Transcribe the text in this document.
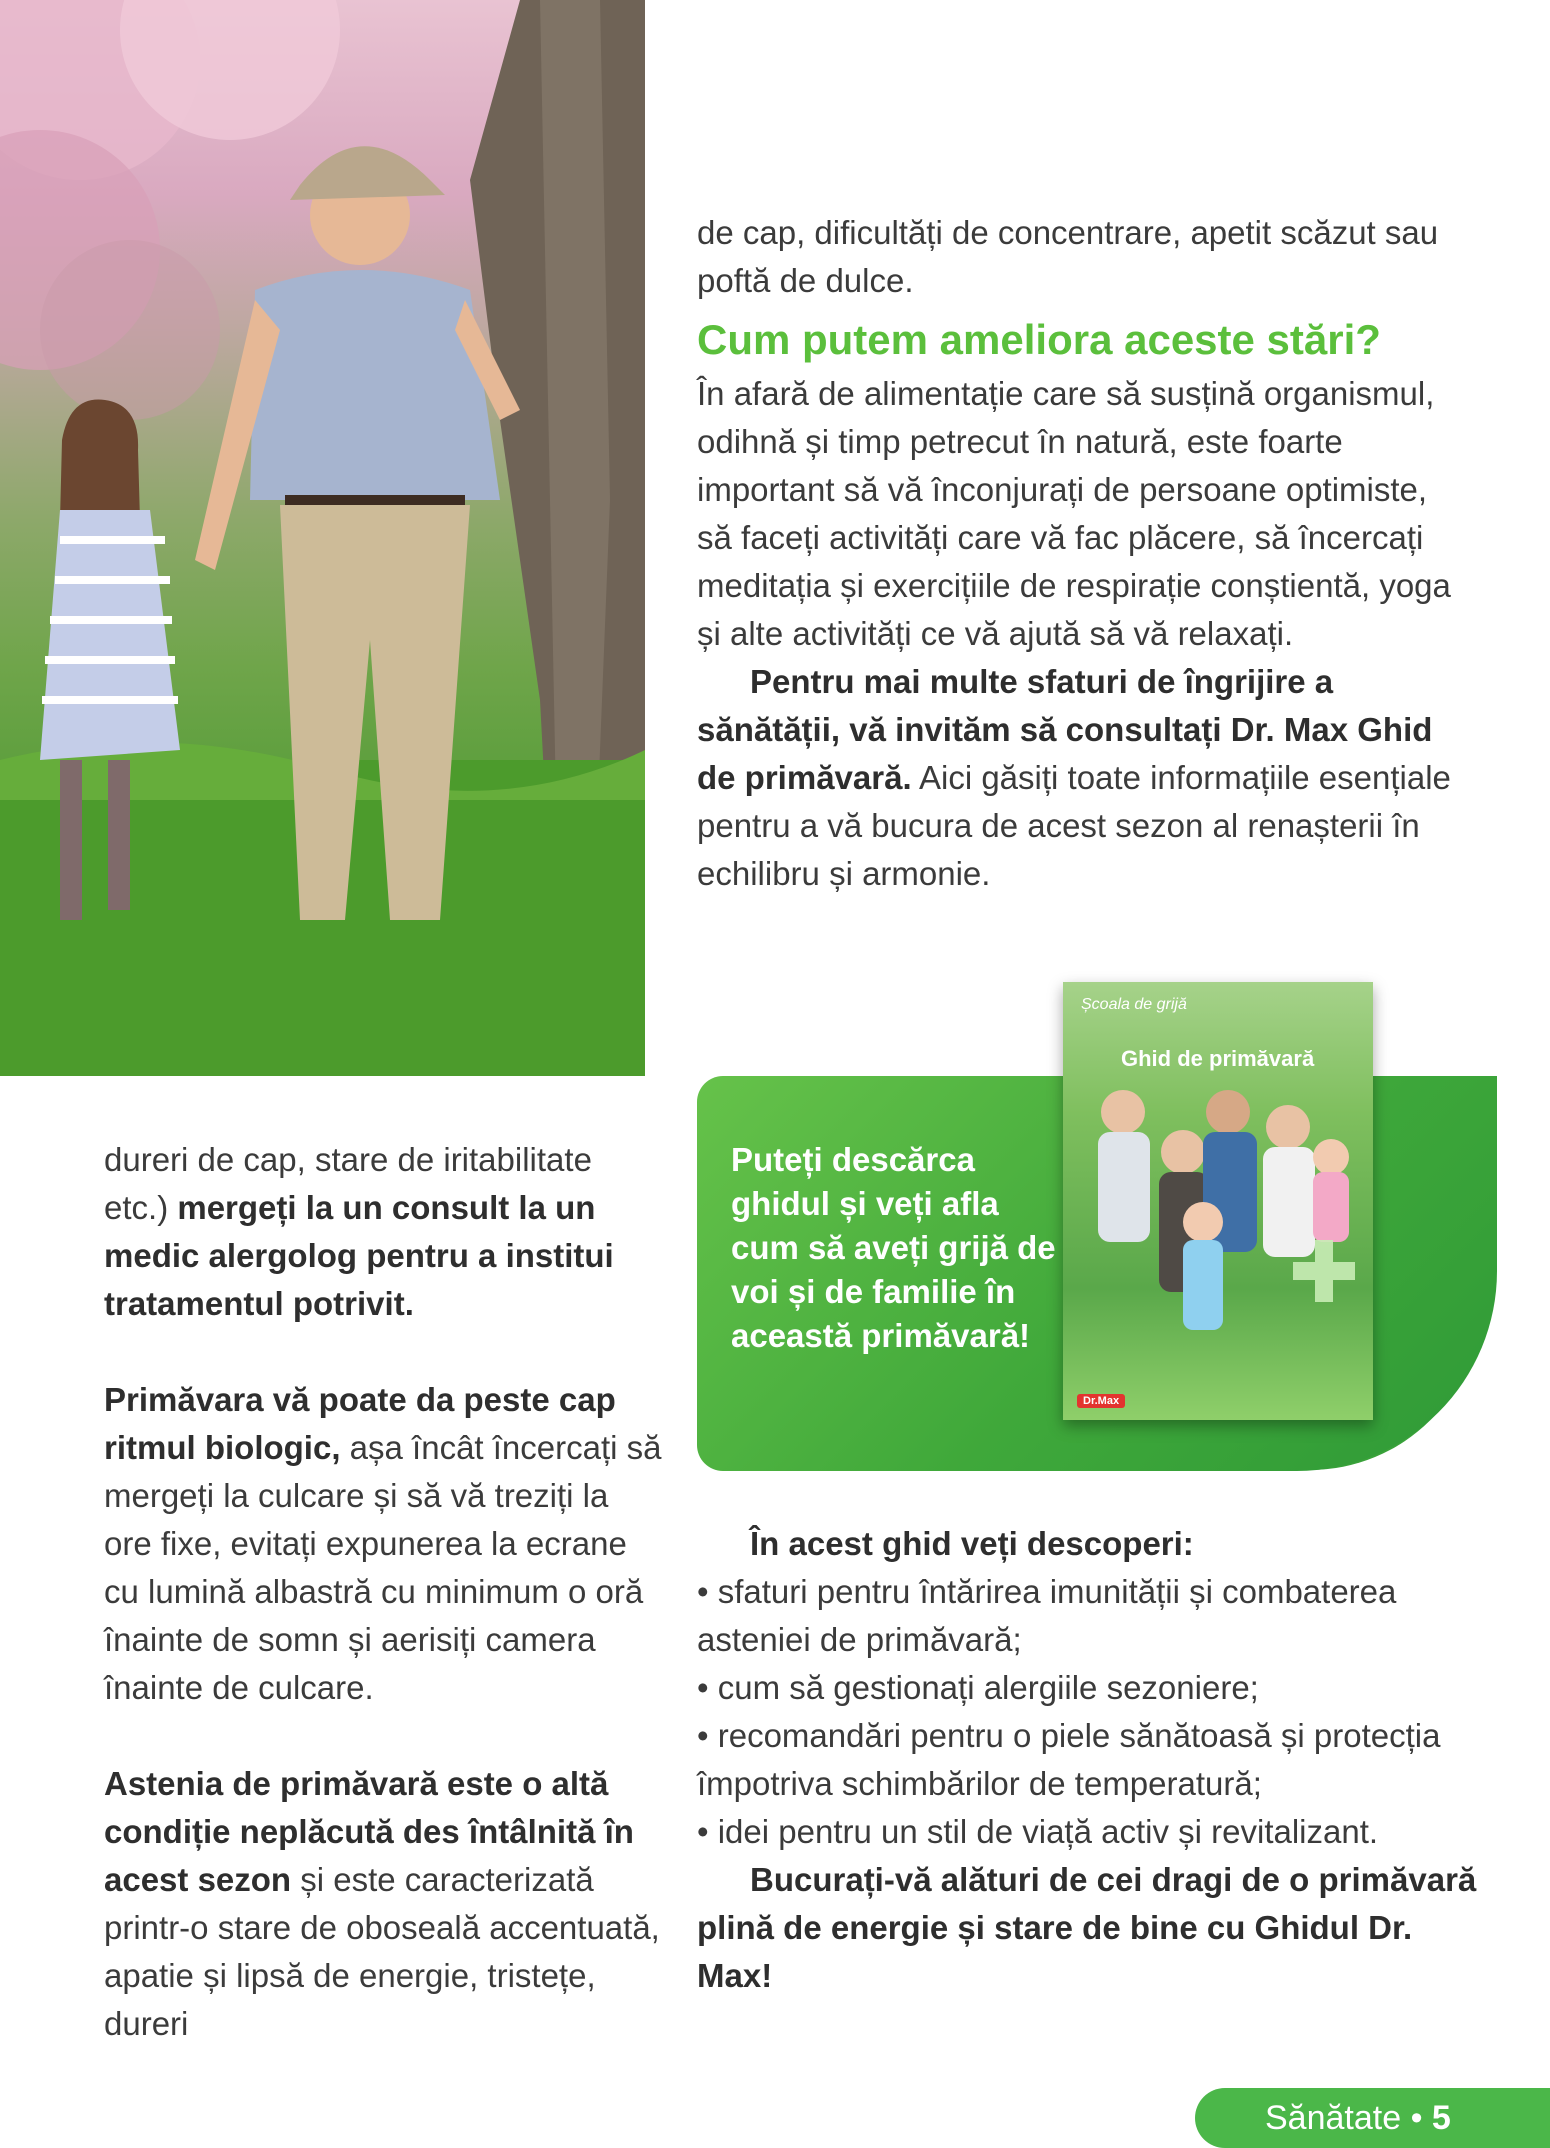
de cap, dificultăți de concentrare, apetit scăzut sau poftă de dulce.

Cum putem ameliora aceste stări?

În afară de alimentație care să susțină organismul, odihnă și timp petrecut în natură, este foarte important să vă înconjurați de persoane optimiste, să faceți activități care vă fac plăcere, să încercați meditația și exercițiile de respirație conștientă, yoga și alte activități ce vă ajută să vă relaxați.

Pentru mai multe sfaturi de îngrijire a sănătății, vă invităm să consultați Dr. Max Ghid de primăvară. Aici găsiți toate informațiile esențiale pentru a vă bucura de acest sezon al renașterii în echilibru și armonie.

dureri de cap, stare de iritabilitate etc.) mergeți la un consult la un medic alergolog pentru a institui tratamentul potrivit.

Primăvara vă poate da peste cap ritmul biologic, așa încât încercați să mergeți la culcare și să vă treziți la ore fixe, evitați expunerea la ecrane cu lumină albastră cu minimum o oră înainte de somn și aerisiți camera înainte de culcare.

Astenia de primăvară este o altă condiție neplăcută des întâlnită în acest sezon și este caracterizată printr-o stare de oboseală accentuată, apatie și lipsă de energie, tristețe, dureri

Puteți descărca ghidul și veți afla cum să aveți grijă de voi și de familie în această primăvară!

Școala de grijă
Ghid de primăvară
Dr.Max

În acest ghid veți descoperi:

• sfaturi pentru întărirea imunității și combaterea asteniei de primăvară;

• cum să gestionați alergiile sezoniere;

• recomandări pentru o piele sănătoasă și protecția împotriva schimbărilor de temperatură;

• idei pentru un stil de viață activ și revitalizant.

Bucurați-vă alături de cei dragi de o primăvară plină de energie și stare de bine cu Ghidul Dr. Max!

Sănătate • 5
